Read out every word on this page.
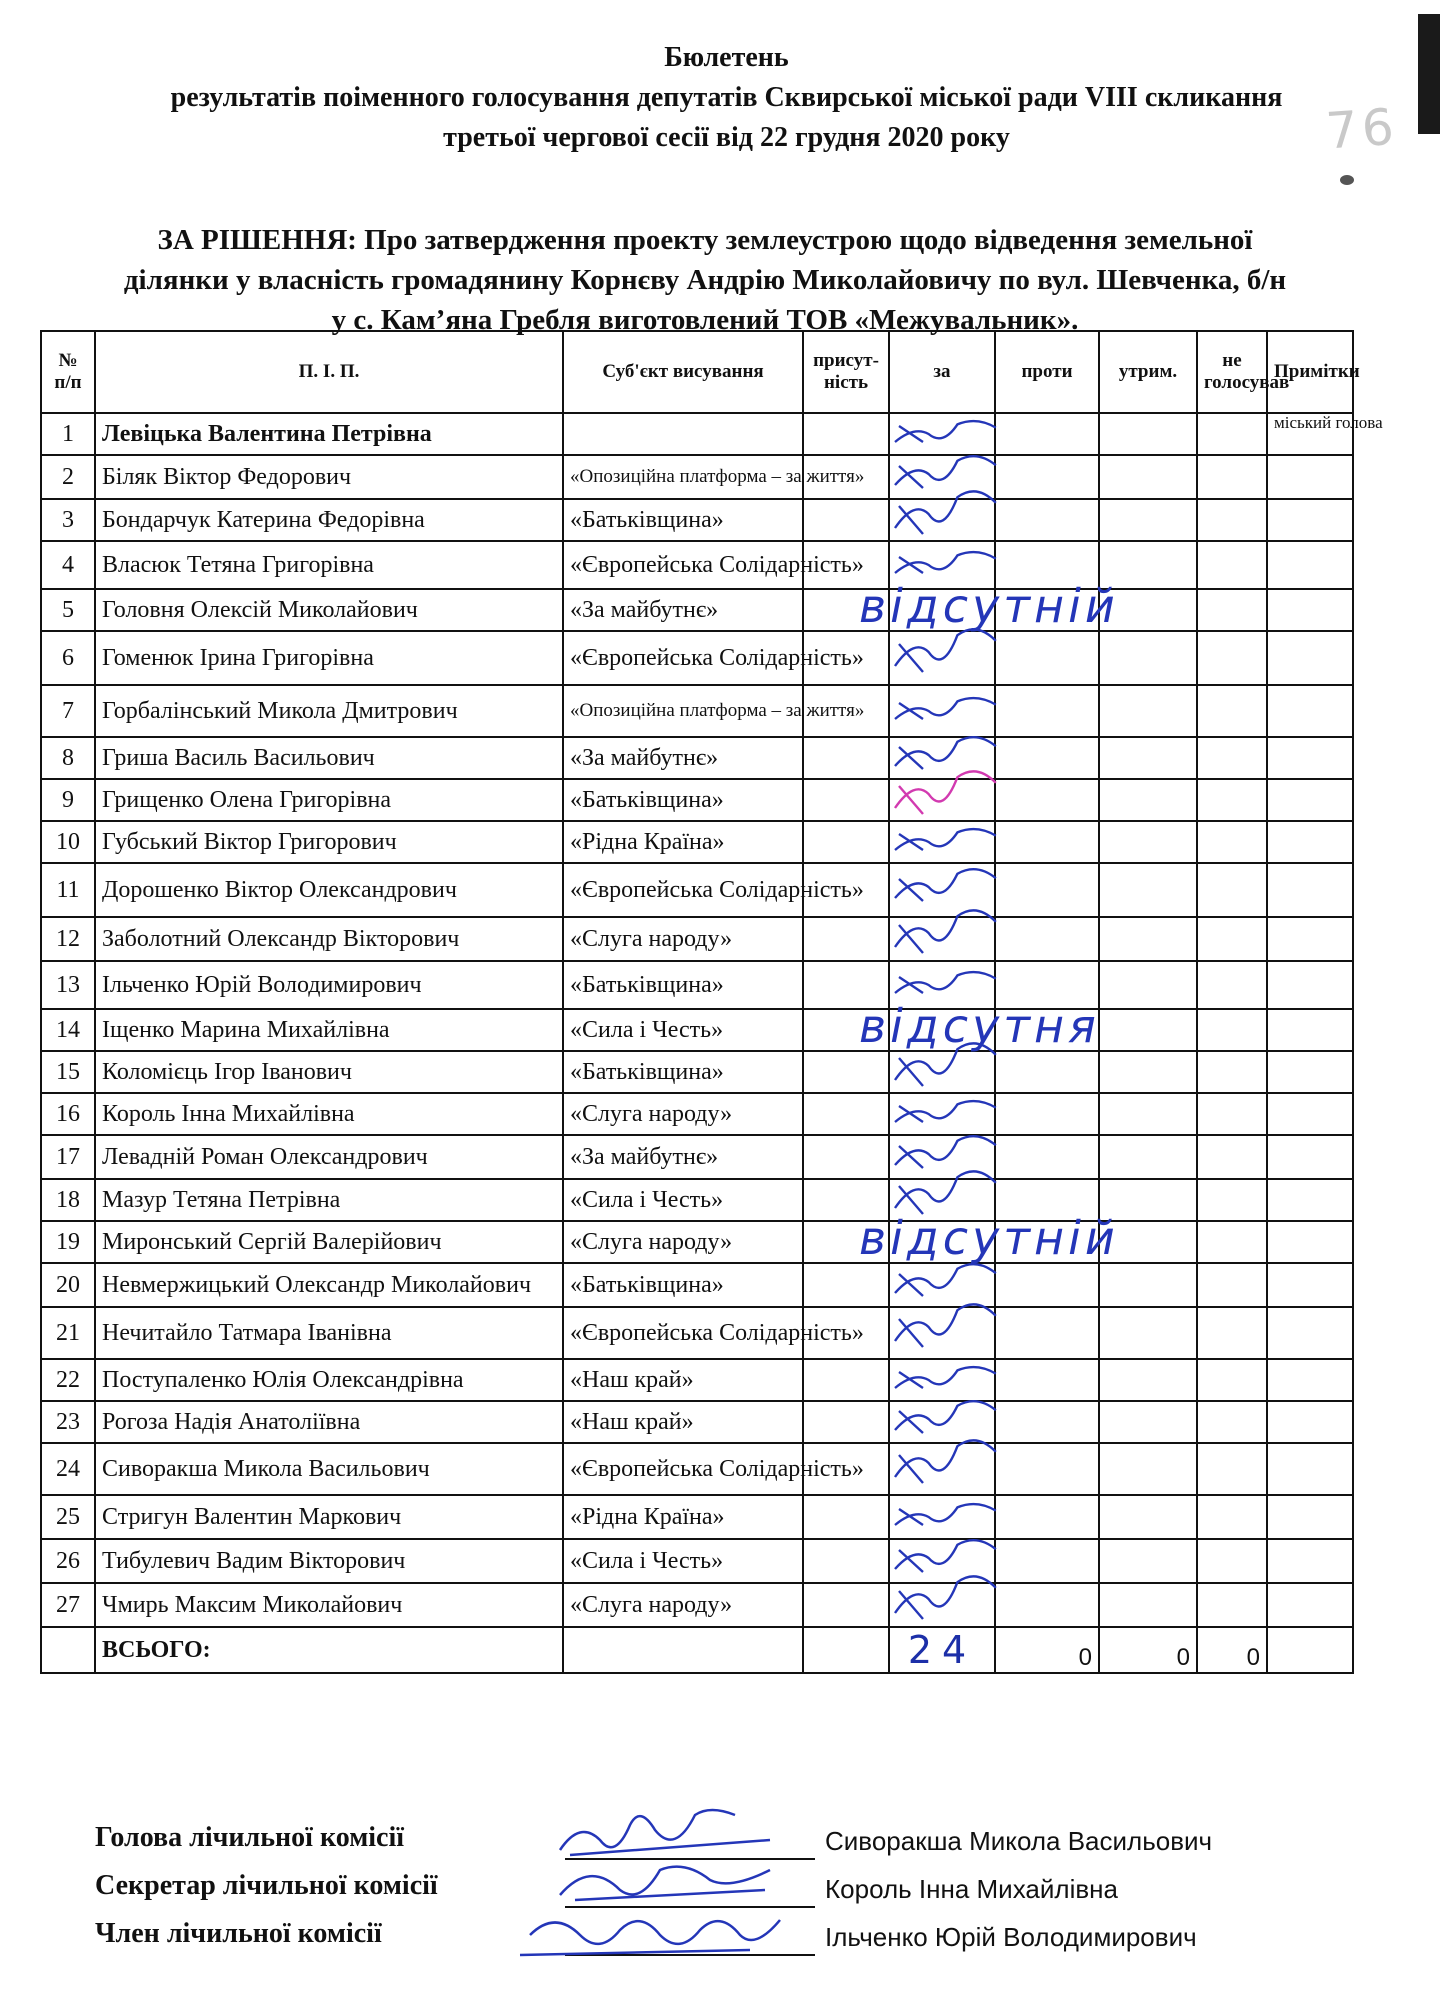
76
Бюлетень
результатів поіменного голосування депутатів Сквирської міської ради VIII скликання
третьої чергової сесії від 22 грудня 2020 року
ЗА РІШЕННЯ: Про затвердження проекту землеустрою щодо відведення земельної
ділянки у власність громадянину Корнєву Андрію Миколайовичу по вул. Шевченка, б/н
у с. Кам’яна Гребля виготовлений ТОВ «Межувальник».
№ п/п	П. І. П.	Суб'єкт висування	присут-ність	за	проти	утрим.	не голосував	Примітки
1	Левіцька Валентина Петрівна							міський голова
2	Біляк Віктор Федорович	«Опозиційна платформа – за життя»						
3	Бондарчук Катерина Федорівна	«Батьківщина»						
4	Власюк Тетяна Григорівна	«Європейська Солідарність»						
5	Головня Олексій Миколайович	«За майбутнє»						
6	Гоменюк Ірина Григорівна	«Європейська Солідарність»						
7	Горбалінський Микола Дмитрович	«Опозиційна платформа – за життя»						
8	Гриша Василь Васильович	«За майбутнє»						
9	Грищенко Олена Григорівна	«Батьківщина»						
10	Губський Віктор Григорович	«Рідна Країна»						
11	Дорошенко Віктор Олександрович	«Європейська Солідарність»						
12	Заболотний Олександр Вікторович	«Слуга народу»						
13	Ільченко Юрій Володимирович	«Батьківщина»						
14	Іщенко Марина Михайлівна	«Сила і Честь»						
15	Коломієць Ігор Іванович	«Батьківщина»						
16	Король Інна Михайлівна	«Слуга народу»						
17	Левадній Роман Олександрович	«За майбутнє»						
18	Мазур Тетяна Петрівна	«Сила і Честь»						
19	Миронський Сергій Валерійович	«Слуга народу»						
20	Невмержицький Олександр Миколайович	«Батьківщина»						
21	Нечитайло Татмара Іванівна	«Європейська Солідарність»						
22	Поступаленко Юлія Олександрівна	«Наш край»						
23	Рогоза Надія Анатоліївна	«Наш край»						
24	Сиворакша Микола Васильович	«Європейська Солідарність»						
25	Стригун Валентин Маркович	«Рідна Країна»						
26	Тибулевич Вадим Вікторович	«Сила і Честь»						
27	Чмирь Максим Миколайович	«Слуга народу»						
	ВСЬОГО:			24	0	0	0	
відсутній
відсутня
відсутній
Голова лічильної комісії	Сиворакша Микола Васильович
Секретар лічильної комісії	Король Інна Михайлівна
Член лічильної комісії	Ільченко Юрій Володимирович
